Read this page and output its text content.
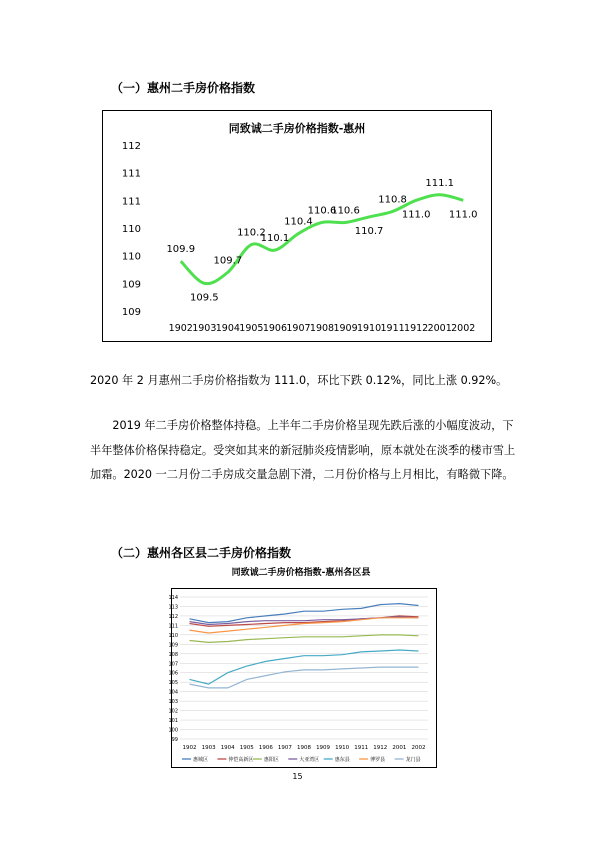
（一）惠州二手房价格指数
同致诚二手房价格指数-惠州
112
111
111
110
110
109
109
1902 1903 1904 1905 1906 1907 1908 1909 1910 1911 1912 2001 2002
109.9
109.5
109.7
110.2
110.1
110.4
110.6
110.6
110.7
110.8
111.0
111.1
111.0
2020 年 2 月惠州二手房价格指数为 111.0，环比下跌 0.12%，同比上涨 0.92%。
2019 年二手房价格整体持稳。上半年二手房价格呈现先跌后涨的小幅度波动，下半年整体价格保持稳定。受突如其来的新冠肺炎疫情影响，原本就处在淡季的楼市雪上加霜。2020 一二月份二手房成交量急剧下滑，二月份价格与上月相比，有略微下降。
（二）惠州各区县二手房价格指数
同致诚二手房价格指数-惠州各区县
114
113
112
111
110
109
108
107
106
105
104
103
102
101
100
99
1902 1903 1904 1905 1906 1907 1908 1909 1910 1911 1912 2001 2002
惠城区	仲恺高新区 惠阳区	大亚湾区	惠东县	博罗县	龙门县
15
